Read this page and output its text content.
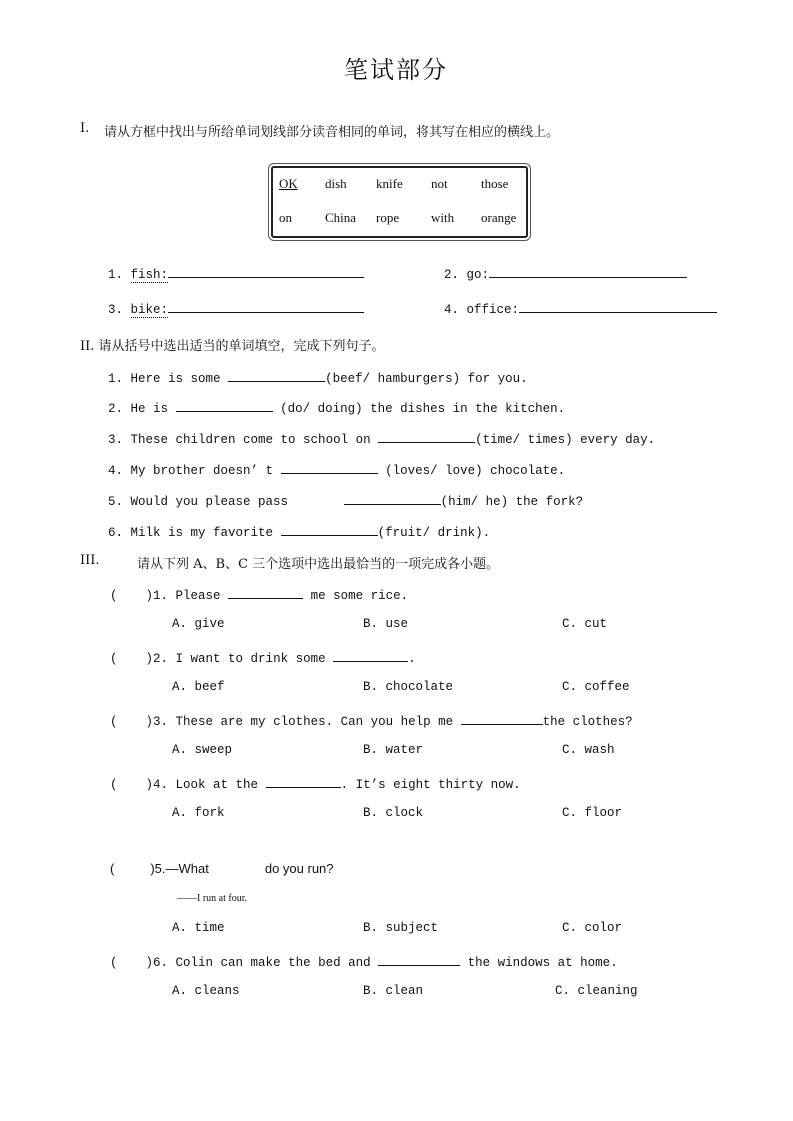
笔试部分
I. 请从方框中找出与所给单词划线部分读音相同的单词，将其写在相应的横线上。
OK dish knife not	those
on	China rope with orange
1. fish:	2. go:
3. bike:	4. office:
II. 请从括号中选出适当的单词填空，完成下列句子。
1. Here is some	(beef/ hamburgers) for you.
2. He is	(do/ doing) the dishes in the kitchen.
3. These children come to school on	(time/ times) every day.
4. My brother doesn’ t	(loves/ love) chocolate.
5. Would you please pass	(him/ he) the fork?
6. Milk is my favorite	(fruit/ drink).
III.	请从下列 A、B、C 三个选项中选出最恰当的一项完成各小题。
( )1. Please	me some rice.
A. give	B. use	C. cut
( )2. I want to drink some	.
A. beef	B. chocolate	C. coffee
( )3. These are my clothes. Can you help me	the clothes?
A. sweep	B. water	C. wash
( )4. Look at the	. It’s eight thirty now.
A. fork	B. clock	C. floor
(	)5.—What	do you run?
——I run at four.
A. time	B. subject	C. color
( )6. Colin can make the bed and	the windows at home.
A. cleans	B. clean	C. cleaning
